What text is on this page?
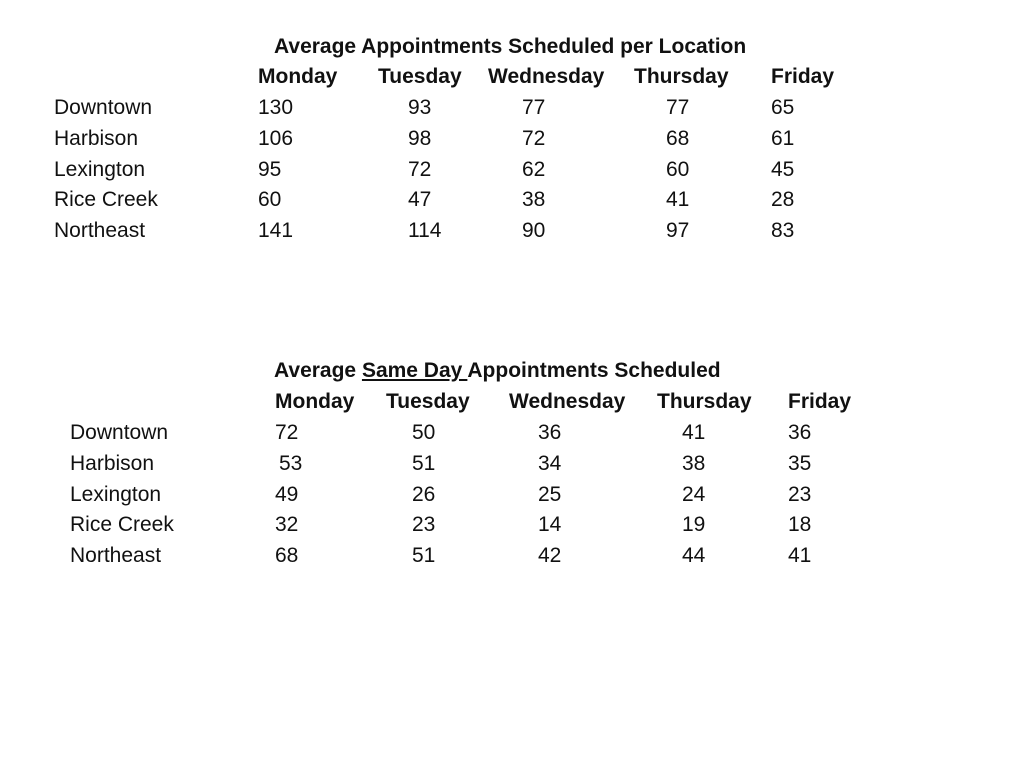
Average Appointments Scheduled per Location
Monday Tuesday Wednesday Thursday Friday
Downtown	130	93	77	77	65
Harbison	106	98	72	68	61
Lexington	95	72	62	60	45
Rice Creek	60	47	38	41	28
Northeast	141	114	90	97	83
Average Same Day Appointments Scheduled
Monday Tuesday Wednesday Thursday Friday
Downtown	72	50	36	41	36
Harbison	53	51	34	38	35
Lexington	49	26	25	24	23
Rice Creek	32	23	14	19	18
Northeast	68	51	42	44	41
